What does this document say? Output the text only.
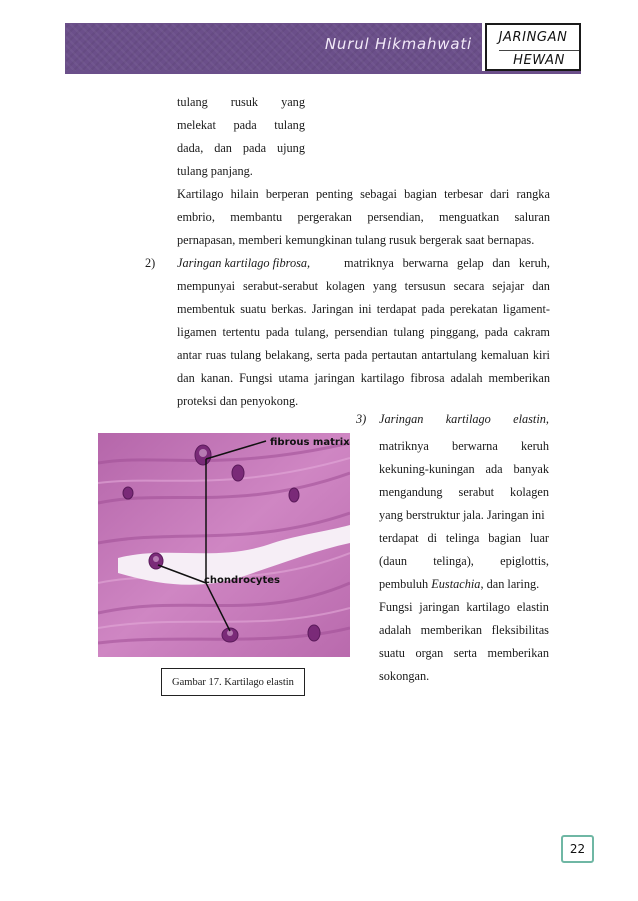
Nurul Hikmahwati	JARINGAN
HEWAN
tulang rusuk yang
melekat pada tulang
dada, dan pada ujung
tulang panjang.
Kartilago hilain berperan penting sebagai bagian terbesar dari rangka
embrio, membantu pergerakan persendian, menguatkan saluran
pernapasan, memberi kemungkinan tulang rusuk bergerak saat bernapas.
2) Jaringan kartilago fibrosa,	matriknya berwarna gelap dan keruh,
mempunyai serabut-serabut kolagen yang tersusun secara sejajar dan
membentuk suatu berkas. Jaringan ini terdapat pada perekatan ligament-
ligamen tertentu pada tulang, persendian tulang pinggang, pada cakram
antar ruas tulang belakang, serta pada pertautan antartulang kemaluan kiri
dan kanan. Fungsi utama jaringan kartilago fibrosa adalah memberikan
proteksi dan penyokong.
3) Jaringan kartilago elastin,
matriknya berwarna keruh
kekuning-kuningan ada banyak
mengandung serabut kolagen
yang berstruktur jala. Jaringan ini
terdapat di telinga bagian luar
(daun telinga), epiglottis,
pembuluh Eustachia, dan laring.
Fungsi jaringan kartilago elastin
adalah memberikan fleksibilitas
suatu organ serta memberikan
sokongan.
fibrous matrix
chondrocytes
Gambar 17. Kartilago elastin
22
